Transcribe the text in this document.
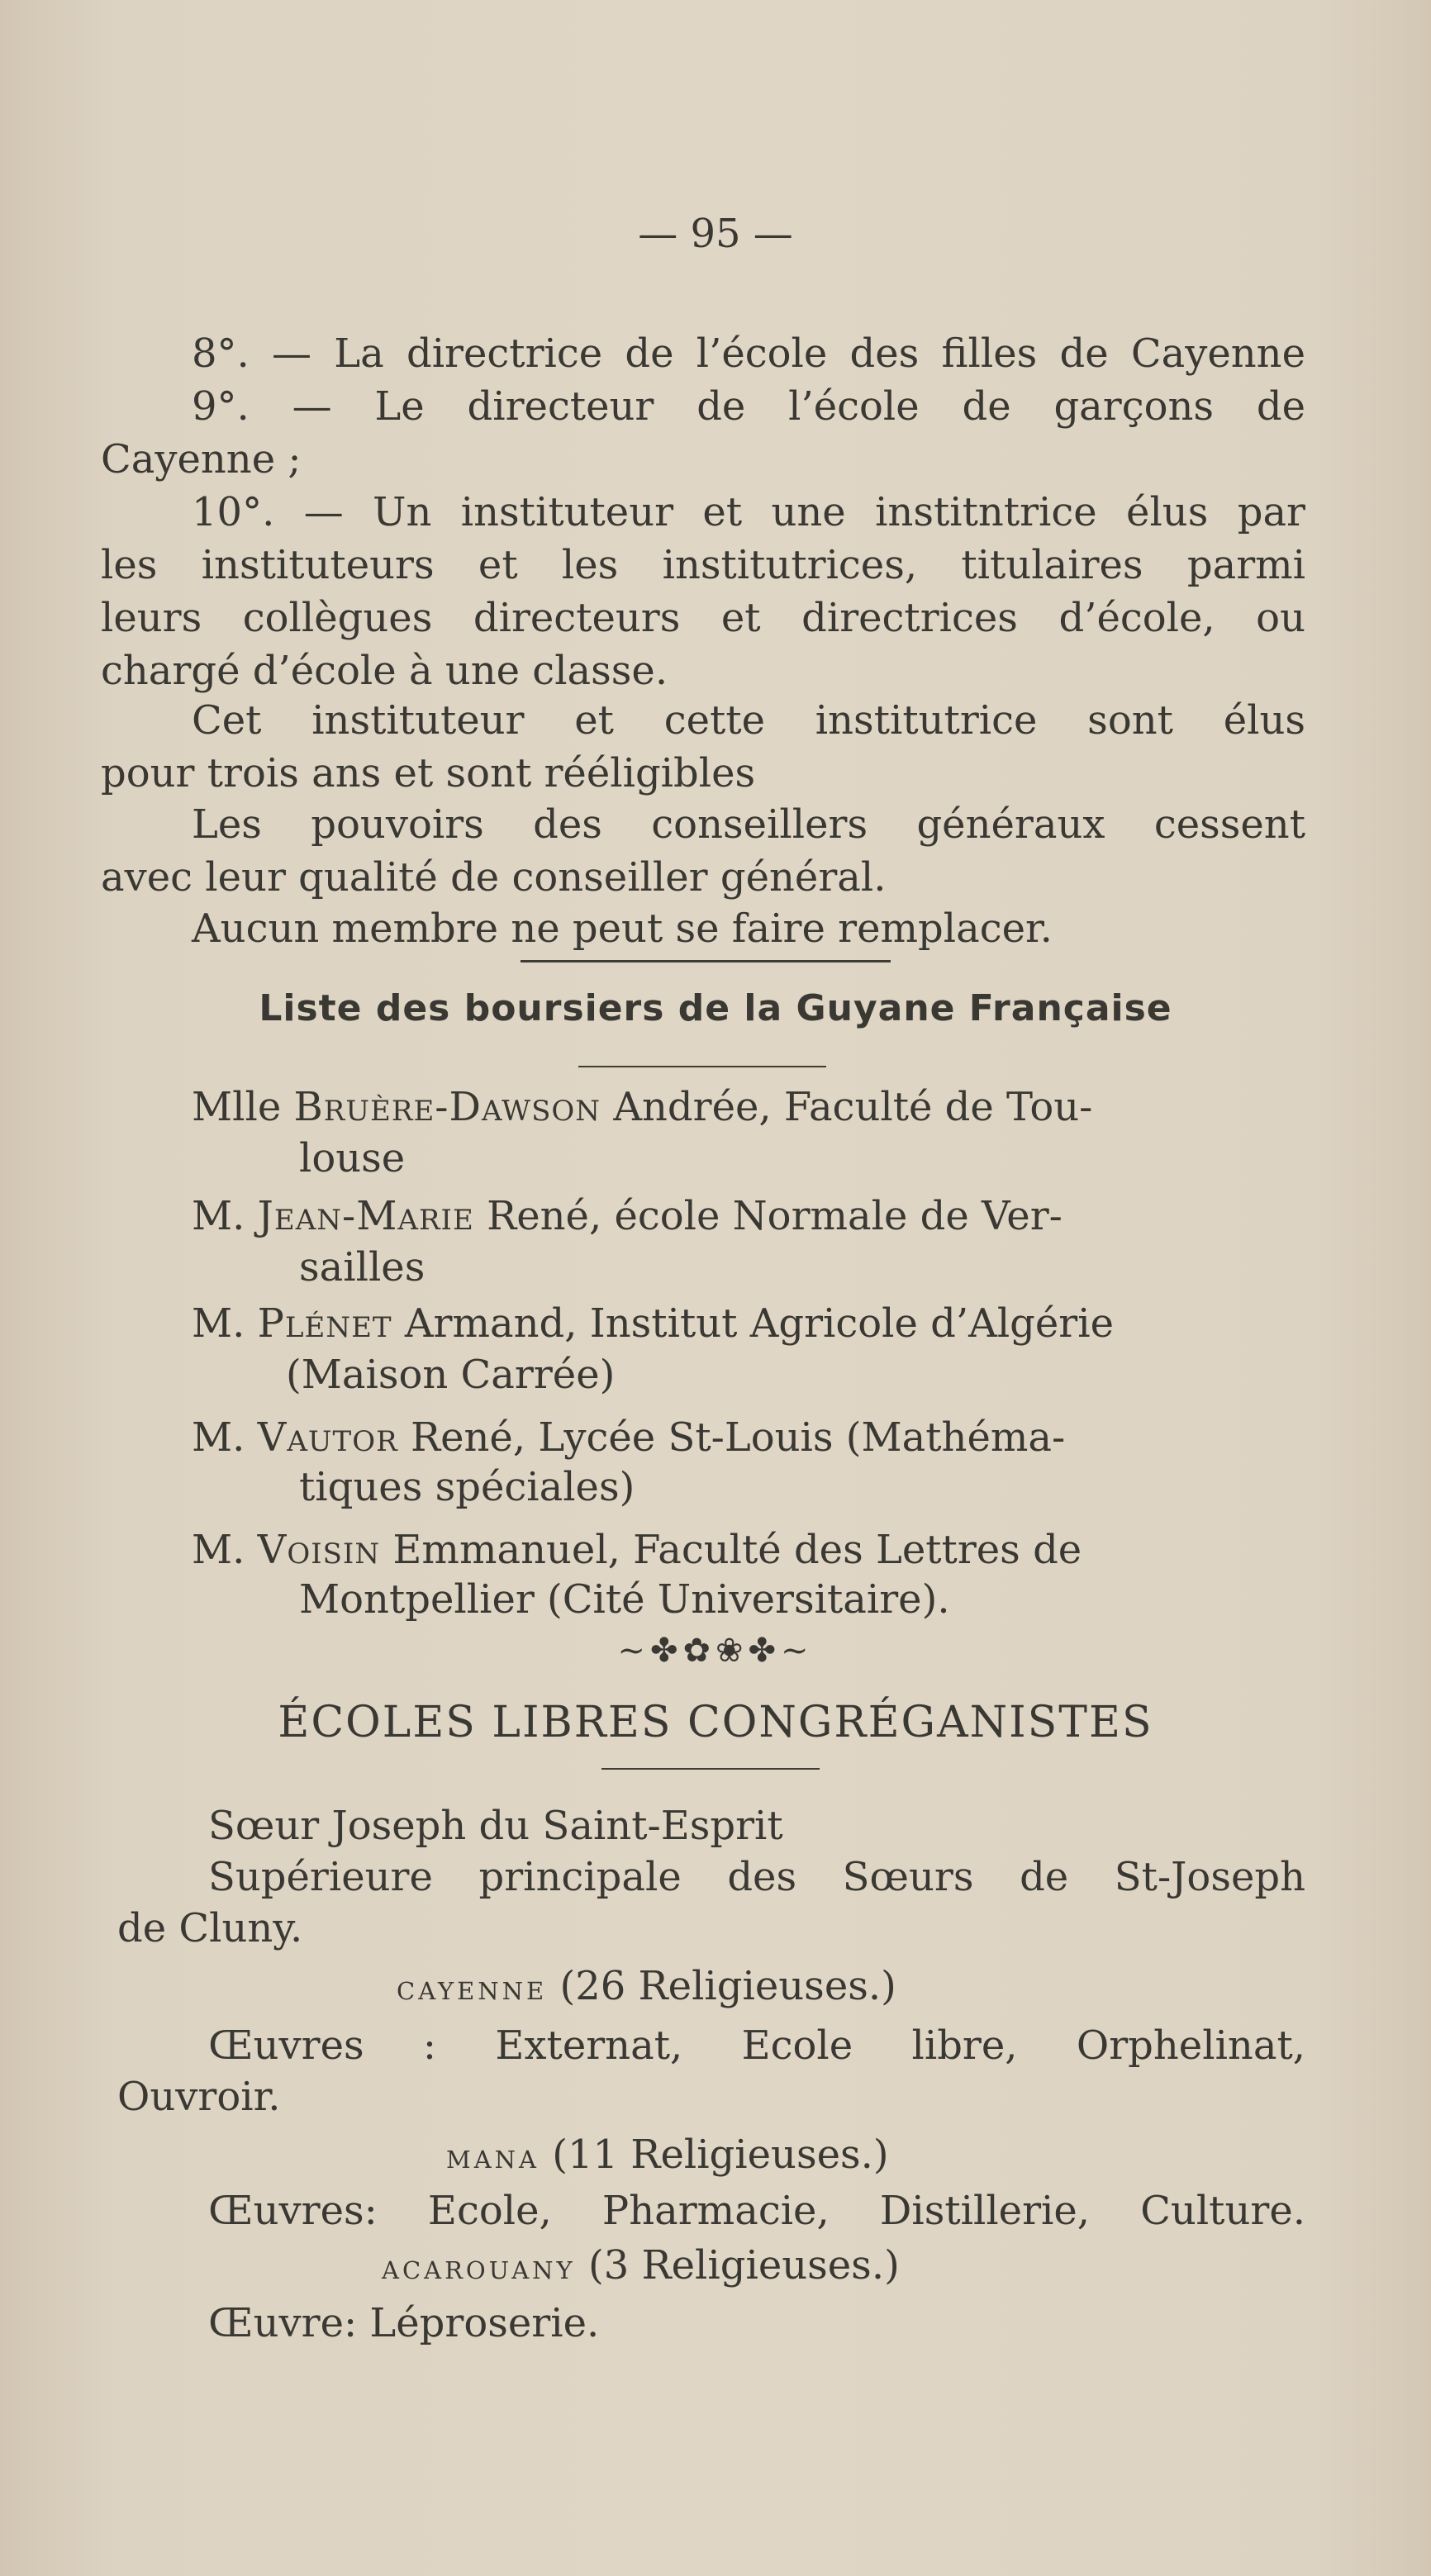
— 95 —
8°. — La directrice de l’école des filles de Cayenne
9°. — Le directeur de l’école de garçons de
Cayenne ;
10°. — Un instituteur et une institntrice élus par
les instituteurs et les institutrices, titulaires parmi
leurs collègues directeurs et directrices d’école, ou
chargé d’école à une classe.
Cet instituteur et cette institutrice sont élus
pour trois ans et sont rééligibles
Les pouvoirs des conseillers généraux cessent
avec leur qualité de conseiller général.
Aucun membre ne peut se faire remplacer.
Liste des boursiers de la Guyane Française
Mlle Bruère-Dawson Andrée, Faculté de Tou-
louse
M. Jean-Marie René, école Normale de Ver-
sailles
M. Plénet Armand, Institut Agricole d’Algérie
(Maison Carrée)
M. Vautor René, Lycée St-Louis (Mathéma-
tiques spéciales)
M. Voisin Emmanuel, Faculté des Lettres de
Montpellier (Cité Universitaire).
~✤✿❀✤~
ÉCOLES LIBRES CONGRÉGANISTES
Sœur Joseph du Saint-Esprit
Supérieure principale des Sœurs de St-Joseph
de Cluny.
cayenne (26 Religieuses.)
Œuvres : Externat, Ecole libre, Orphelinat,
Ouvroir.
mana (11 Religieuses.)
Œuvres: Ecole, Pharmacie, Distillerie, Culture.
acarouany (3 Religieuses.)
Œuvre: Léproserie.
